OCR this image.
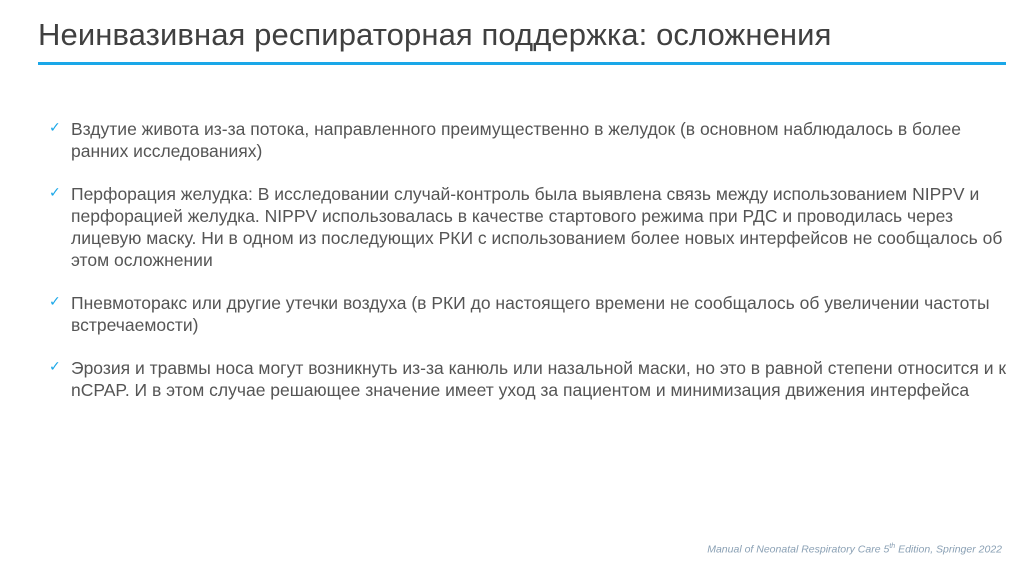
Неинвазивная респираторная поддержка: осложнения
✓ Вздутие живота из-за потока, направленного преимущественно в желудок (в основном наблюдалось в более ранних исследованиях)
✓ Перфорация желудка: В исследовании случай-контроль была выявлена связь между использованием NIPPV и перфорацией желудка. NIPPV использовалась в качестве стартового режима при РДС и проводилась через лицевую маску. Ни в одном из последующих РКИ с использованием более новых интерфейсов не сообщалось об этом осложнении
✓ Пневмоторакс или другие утечки воздуха (в РКИ до настоящего времени не сообщалось об увеличении частоты встречаемости)
✓ Эрозия и травмы носа могут возникнуть из-за канюль или назальной маски, но это в равной степени относится и к nCPAP. И в этом случае решающее значение имеет уход за пациентом и минимизация движения интерфейса
Manual of Neonatal Respiratory Care 5th Edition, Springer 2022
